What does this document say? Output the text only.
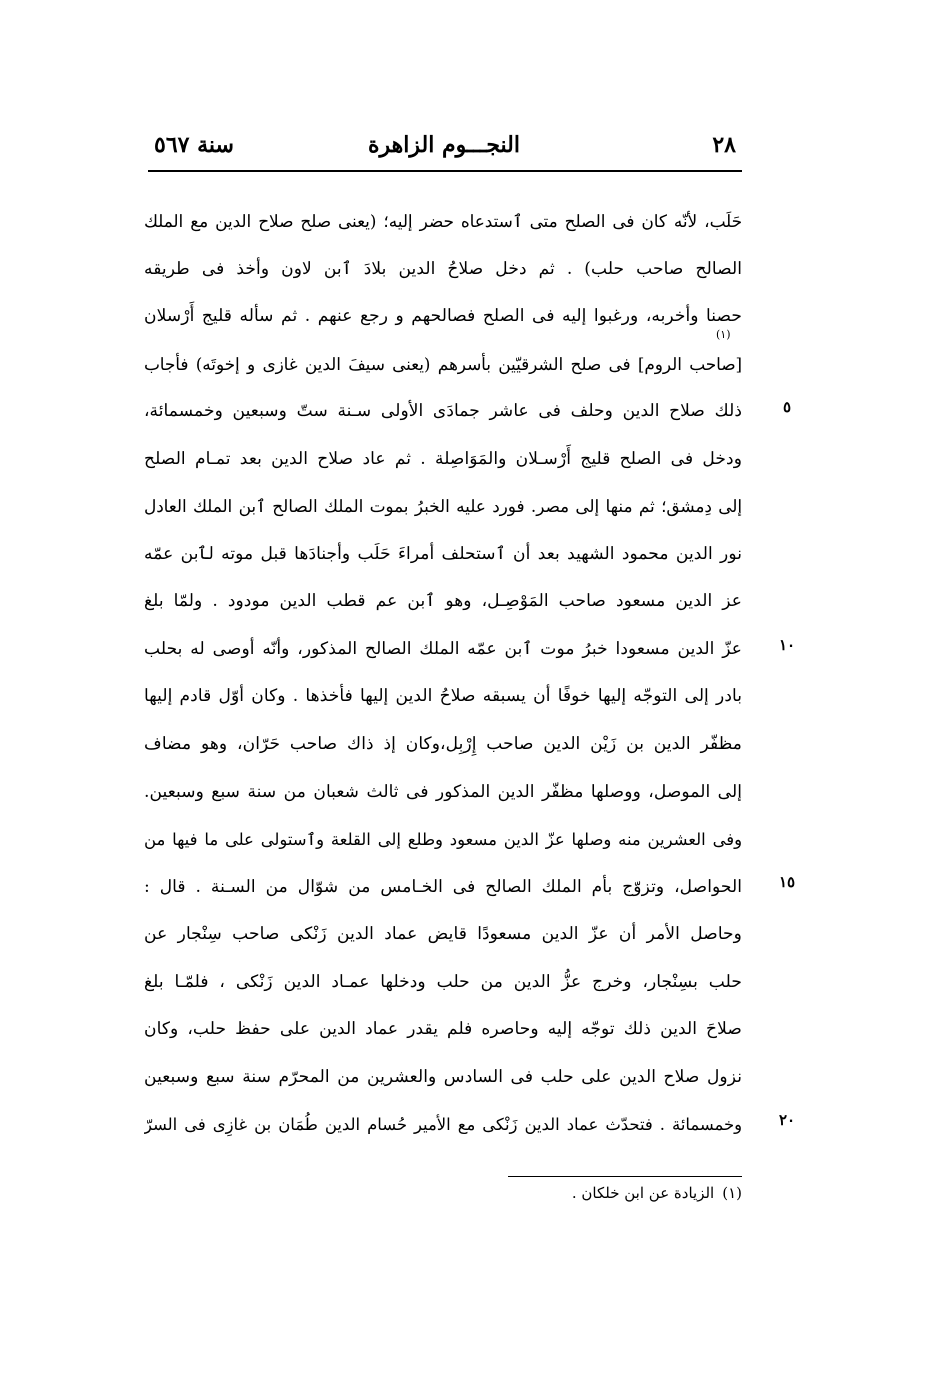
٢٨
النجـــوم الزاهرة
سنة ٥٦٧
(١)
حَلَب، لأنّه كان فى الصلح متى ٱستدعاه حضر إليه؛ (يعنى صلح صلاح الدين مع الملك
الصالح صاحب حلب) . ثم دخل صلاحُ الدين بلادَ ٱبن لاون وأخذ فى طريقه
حصنا وأخربه، ورغبوا إليه فى الصلح فصالحهم و رجع عنهم . ثم سأله قليج أَرْسلان
[صاحب الروم] فى صلح الشرقيّين بأسرهم (يعنى سيفَ الدين غازى و إخوتَه) فأجاب
ذلك صلاح الدين وحلف فى عاشر جمادَى الأولى سـنة ستّ وسبعين وخمسمائة،
ودخل فى الصلح قليج أَرْسـلان والمَوَاصِلة . ثم عاد صلاح الدين بعد تمـام الصلح
إلى دِمشق؛ ثم منها إلى مصر. فورد عليه الخبرُ بموت الملك الصالح ٱبن الملك العادل
نور الدين محمود الشهيد بعد أن ٱستحلف أمراءَ حَلَب وأجنادَها قبل موته لٱبن عمّه
عز الدين مسعود صاحب المَوْصِـل، وهو ٱبن عم قطب الدين مودود . ولمّا بلغ
عزّ الدين مسعودا خبرُ موت ٱبن عمّه الملك الصالح المذكور، وأنّه أوصى له بحلب
بادر إلى التوجّه إليها خوفًا أن يسبقه صلاحُ الدين إليها فأخذها . وكان أوّل قادم إليها
مظفّر الدين بن زَيْن الدين صاحب إِرْبِل،وكان إذ ذاك صاحب حَرّان، وهو مضاف
إلى الموصل، ووصلها مظفّر الدين المذكور فى ثالث شعبان من سنة سبع وسبعين.
وفى العشرين منه وصلها عزّ الدين مسعود وطلع إلى القلعة وٱستولى على ما فيها من
الحواصل، وتزوّج بأم الملك الصالح فى الخـامس من شوّال من السـنة . قال :
وحاصل الأمر أن عزّ الدين مسعودًا قايض عماد الدين زَنْكى صاحب سِنْجار عن
حلب بسِنْجار، وخرج عزُّ الدين من حلب ودخلها عمـاد الدين زَنْكى ، فلمّـا بلغ
صلاحَ الدين ذلك توجّه إليه وحاصره فلم يقدر عماد الدين على حفظ حلب، وكان
نزول صلاح الدين على حلب فى السادس والعشرين من المحرّم سنة سبع وسبعين
وخمسمائة . فتحدّث عماد الدين زَنْكى مع الأمير حُسام الدين طُمَان بن غازِى فى السرّ
٥
١٠
١٥
٢٠
(١)الزيادة عن ابن خلكان .
